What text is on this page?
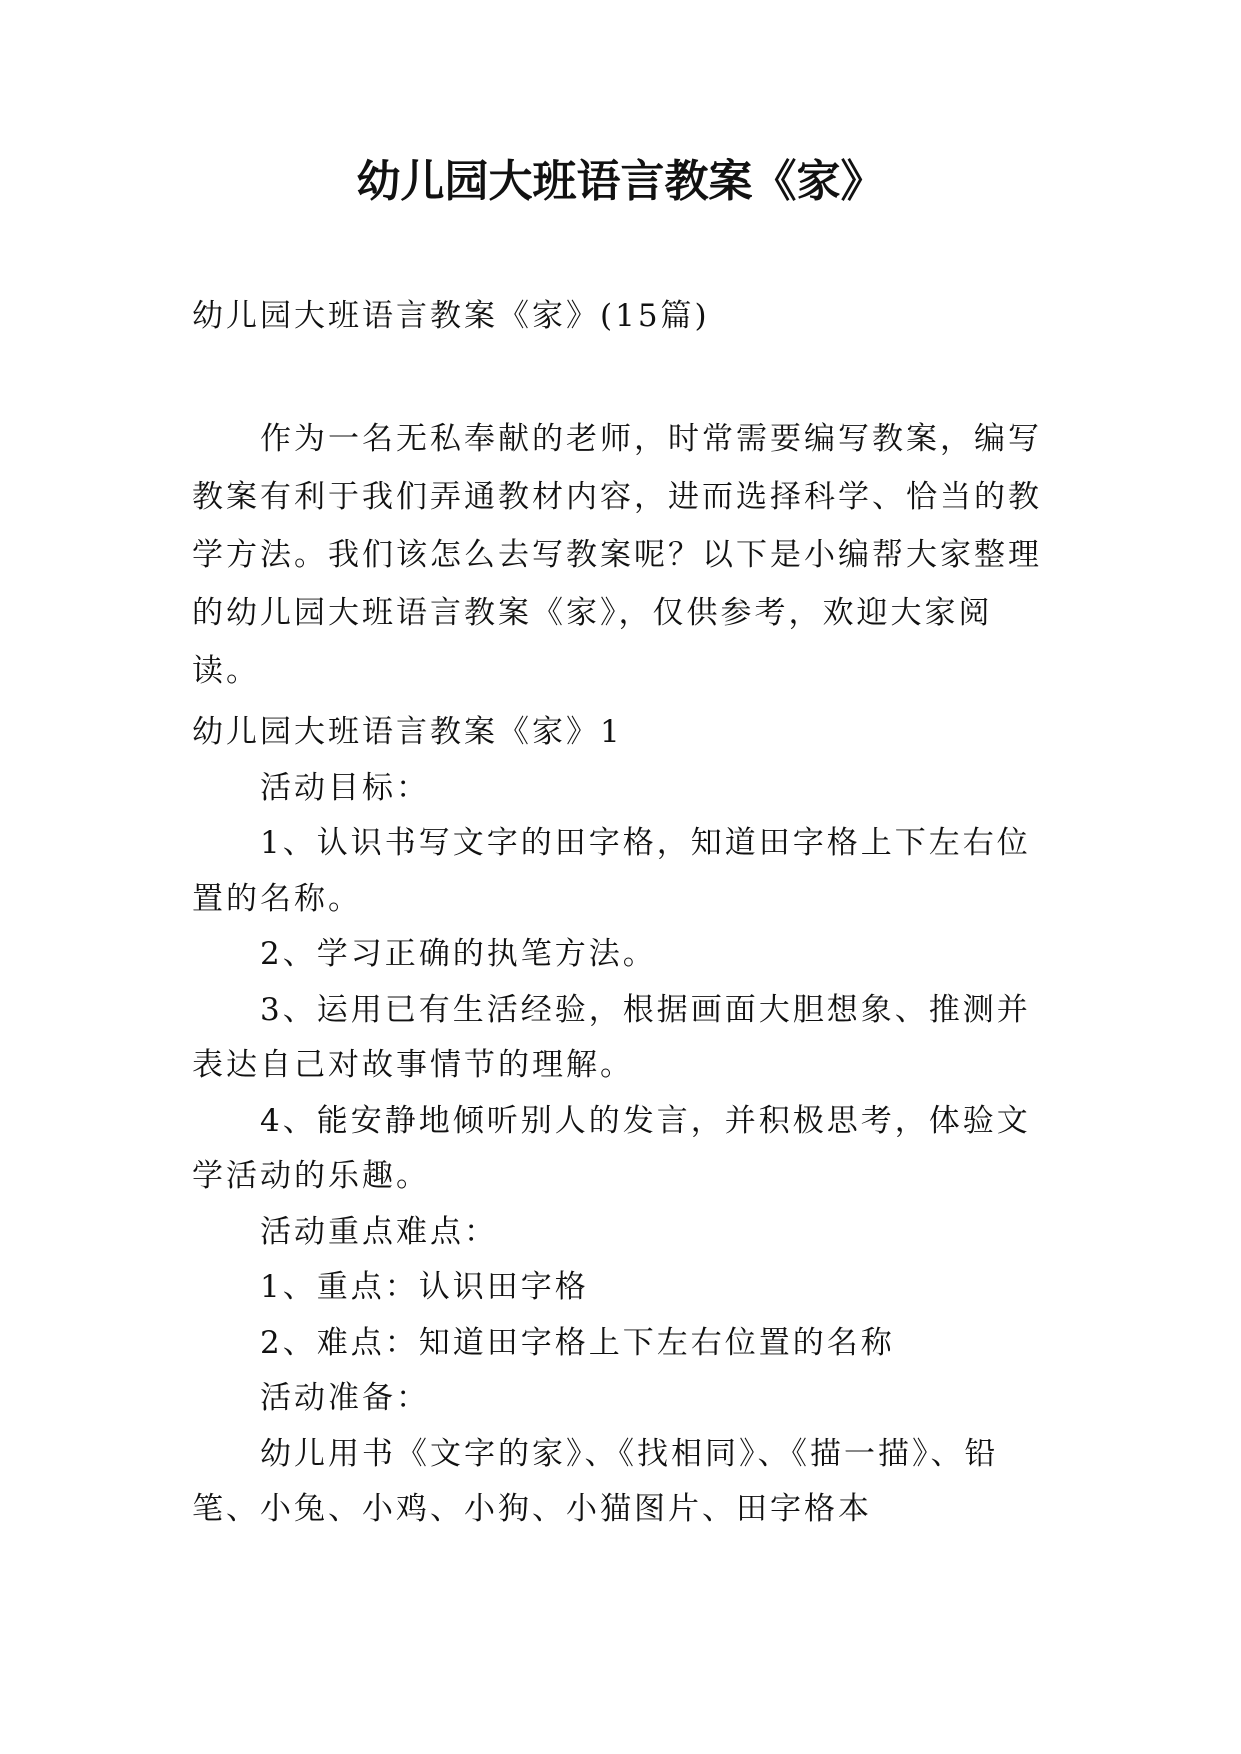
幼儿园大班语言教案《家》
幼儿园大班语言教案《家》(15篇)

作为一名无私奉献的老师，时常需要编写教案，编写教案有利于我们弄通教材内容，进而选择科学、恰当的教学方法。我们该怎么去写教案呢？以下是小编帮大家整理的幼儿园大班语言教案《家》，仅供参考，欢迎大家阅读。

幼儿园大班语言教案《家》1

活动目标：

1、认识书写文字的田字格，知道田字格上下左右位置的名称。

2、学习正确的执笔方法。

3、运用已有生活经验，根据画面大胆想象、推测并表达自己对故事情节的理解。

4、能安静地倾听别人的发言，并积极思考，体验文学活动的乐趣。

活动重点难点：

1、重点：认识田字格

2、难点：知道田字格上下左右位置的名称

活动准备：

幼儿用书《文字的家》、《找相同》、《描一描》、铅笔、小兔、小鸡、小狗、小猫图片、田字格本
